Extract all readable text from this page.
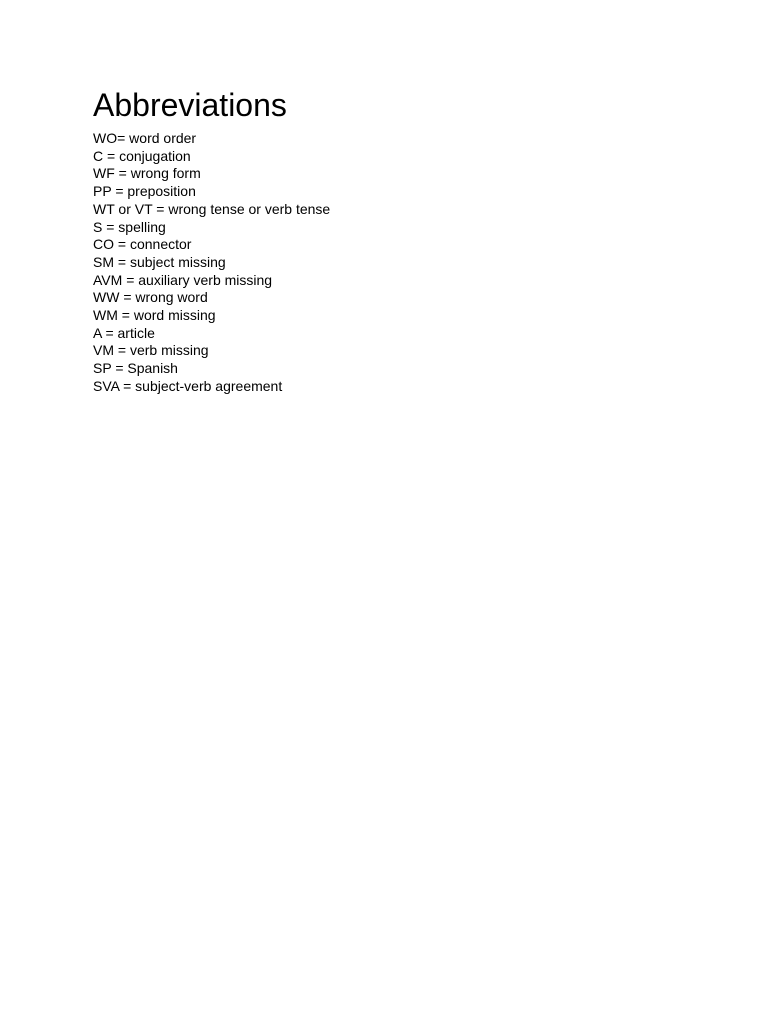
Abbreviations
WO= word order
C = conjugation
WF = wrong form
PP = preposition
WT or VT = wrong tense or verb tense
S = spelling
CO = connector
SM = subject missing
AVM = auxiliary verb missing
WW = wrong word
WM = word missing
A = article
VM = verb missing
SP = Spanish
SVA = subject-verb agreement
